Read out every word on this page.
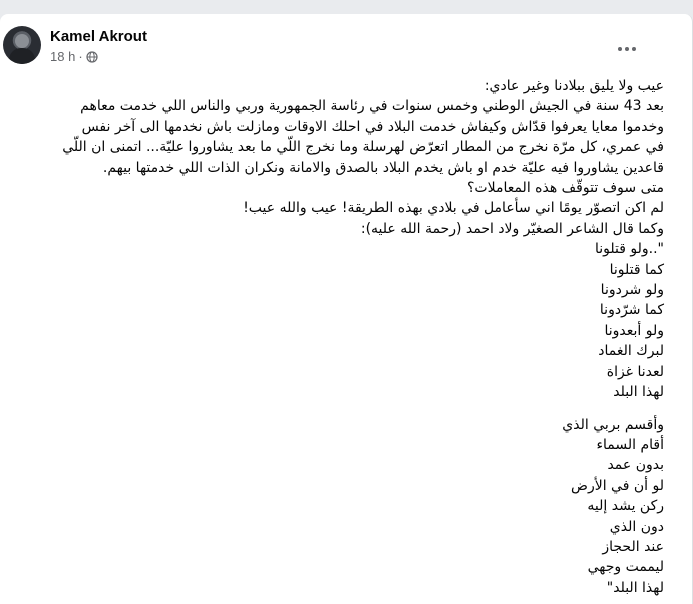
Kamel Akrout
18 h ·
عيب ولا يليق ببلادنا وغير عادي:
بعد 43 سنة في الجيش الوطني وخمس سنوات في رئاسة الجمهورية وربي والناس اللي خدمت معاهم
وخدموا معايا يعرفوا قدّاش وكيفاش خدمت البلاد في احلك الاوقات ومازلت باش نخدمها الى آخر نفس
في عمري، كل مرّة نخرج من المطار اتعرّض لهرسلة وما نخرج اللّي ما بعد يشاوروا عليّة... اتمنى ان اللّي
قاعدين يشاوروا فيه عليّة خدم او باش يخدم البلاد بالصدق والامانة ونكران الذات اللي خدمتها بيهم.
متى سوف تتوقّف هذه المعاملات؟
لم اكن اتصوّر يومًا اني سأعامل في بلادي بهذه الطريقة! عيب والله عيب!
وكما قال الشاعر الصغيّر ولاد احمد (رحمة الله عليه):
"..ولو قتلونا
كما قتلونا
ولو شردونا
كما شرّدونا
ولو أبعدونا
لبرك الغماد
لعدنا غزاة
لهذا البلد
وأقسم بربي الذي
أقام السماء
بدون عمد
لو أن في الأرض
ركن يشد إليه
دون الذي
عند الحجاز
ليممت وجهي
لهذا البلد"
